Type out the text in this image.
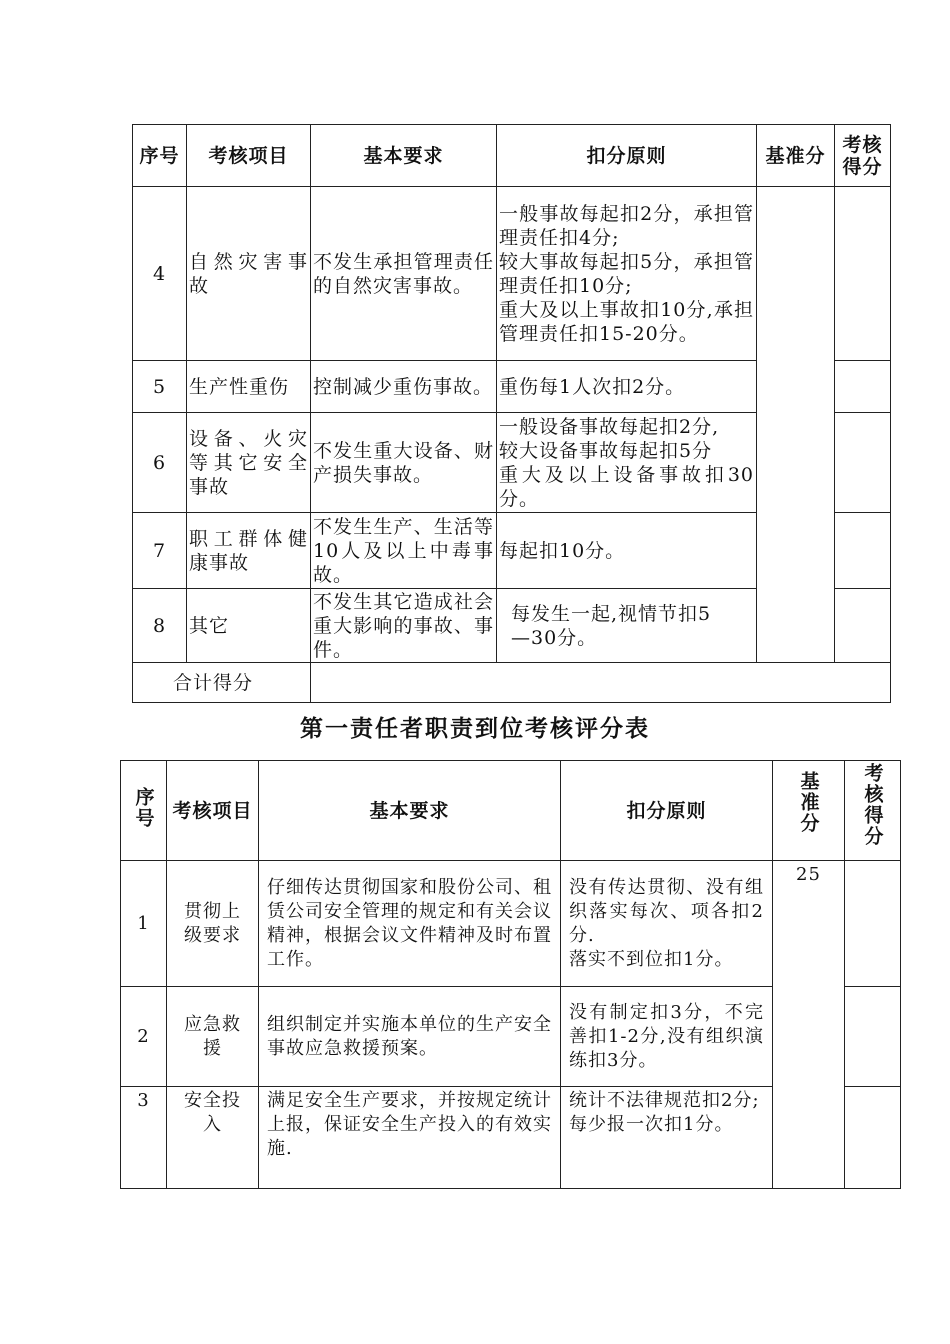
序号	考核项目	基本要求	扣分原则	基准分	考核
得分
4	自然灾害事故	不发生承担管理责任的自然灾害事故。	一般事故每起扣2分，承担管理责任扣4分;
较大事故每起扣5分，承担管理责任扣10分;
重大及以上事故扣10分,承担管理责任扣15-20分。		
5	生产性重伤	控制减少重伤事故。	重伤每1人次扣2分。		
6	设备、火灾等其它安全事故	不发生重大设备、财产损失事故。	一般设备事故每起扣2分,
较大设备事故每起扣5分
重大及以上设备事故扣30分。		
7	职工群体健康事故	不发生生产、生活等10人及以上中毒事故。	每起扣10分。		
8	其它	不发生其它造成社会重大影响的事故、事件。	每发生一起,视情节扣5
—30分。		
合计得分					
第一责任者职责到位考核评分表
序号	考核项目	基本要求	扣分原则	基准分	考核得分
1	贯彻上级要求	仔细传达贯彻国家和股份公司、租赁公司安全管理的规定和有关会议精神，根据会议文件精神及时布置工作。	没有传达贯彻、没有组织落实每次、项各扣2分.
落实不到位扣1分。	25	
2	应急救援	组织制定并实施本单位的生产安全事故应急救援预案。	没有制定扣3分，不完善扣1-2分,没有组织演练扣3分。		
3	安全投入	满足安全生产要求，并按规定统计上报，保证安全生产投入的有效实施.	统计不法律规范扣2分;
每少报一次扣1分。		
